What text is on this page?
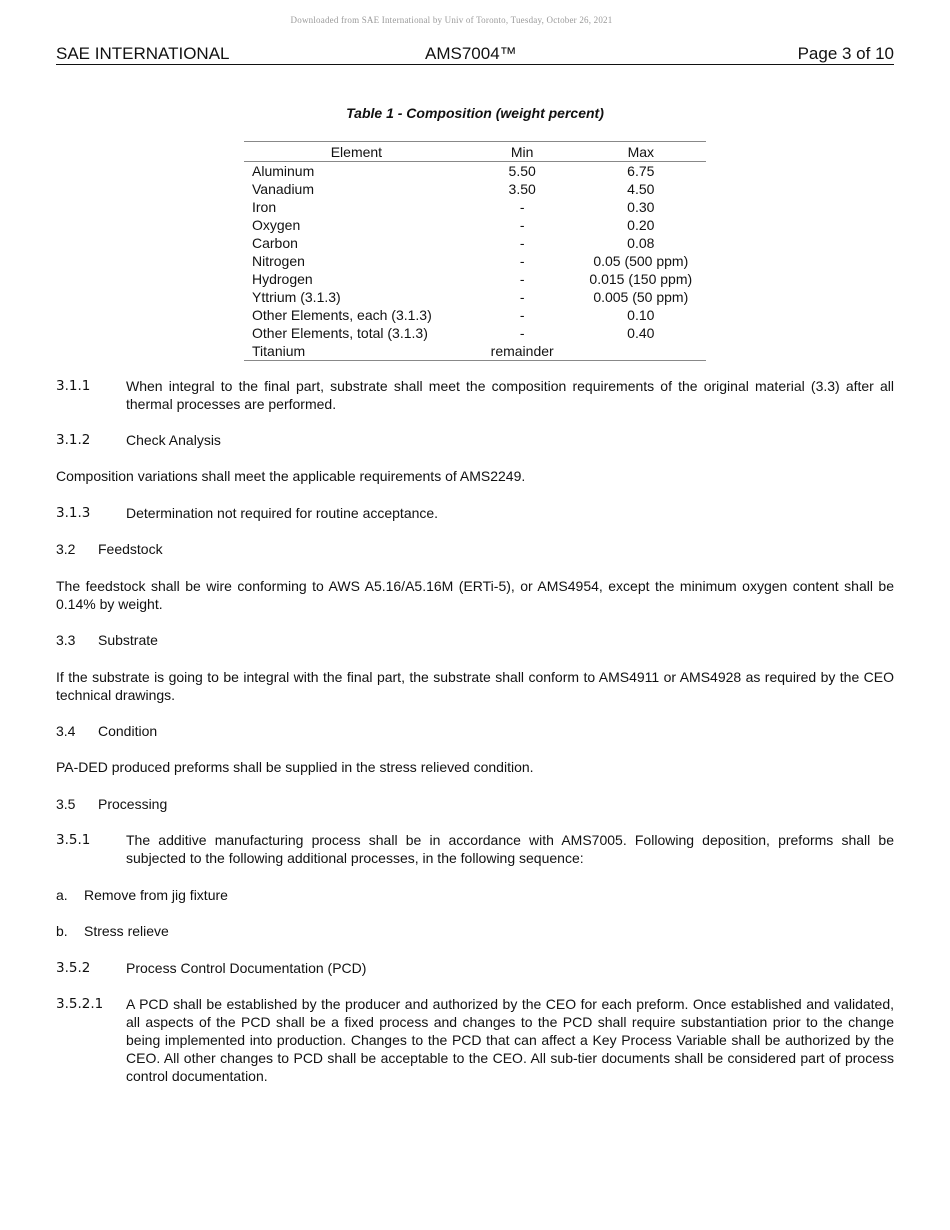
Downloaded from SAE International by Univ of Toronto, Tuesday, October 26, 2021
SAE INTERNATIONAL	AMS7004™	Page 3 of 10
Table 1 - Composition (weight percent)
Element	Min	Max
Aluminum	5.50	6.75
Vanadium	3.50	4.50
Iron	-	0.30
Oxygen	-	0.20
Carbon	-	0.08
Nitrogen	-	0.05 (500 ppm)
Hydrogen	-	0.015 (150 ppm)
Yttrium (3.1.3)	-	0.005 (50 ppm)
Other Elements, each (3.1.3)	-	0.10
Other Elements, total (3.1.3)	-	0.40
Titanium	remainder	
3.1.1	When integral to the final part, substrate shall meet the composition requirements of the original material (3.3) after all thermal processes are performed.
3.1.2	Check Analysis
Composition variations shall meet the applicable requirements of AMS2249.
3.1.3	Determination not required for routine acceptance.
3.2 Feedstock
The feedstock shall be wire conforming to AWS A5.16/A5.16M (ERTi-5), or AMS4954, except the minimum oxygen content shall be 0.14% by weight.
3.3 Substrate
If the substrate is going to be integral with the final part, the substrate shall conform to AMS4911 or AMS4928 as required by the CEO technical drawings.
3.4 Condition
PA-DED produced preforms shall be supplied in the stress relieved condition.
3.5 Processing
3.5.1	The additive manufacturing process shall be in accordance with AMS7005. Following deposition, preforms shall be subjected to the following additional processes, in the following sequence:
a. Remove from jig fixture
b. Stress relieve
3.5.2	Process Control Documentation (PCD)
3.5.2.1 A PCD shall be established by the producer and authorized by the CEO for each preform. Once established and validated, all aspects of the PCD shall be a fixed process and changes to the PCD shall require substantiation prior to the change being implemented into production. Changes to the PCD that can affect a Key Process Variable shall be authorized by the CEO. All other changes to PCD shall be acceptable to the CEO. All sub-tier documents shall be considered part of process control documentation.
